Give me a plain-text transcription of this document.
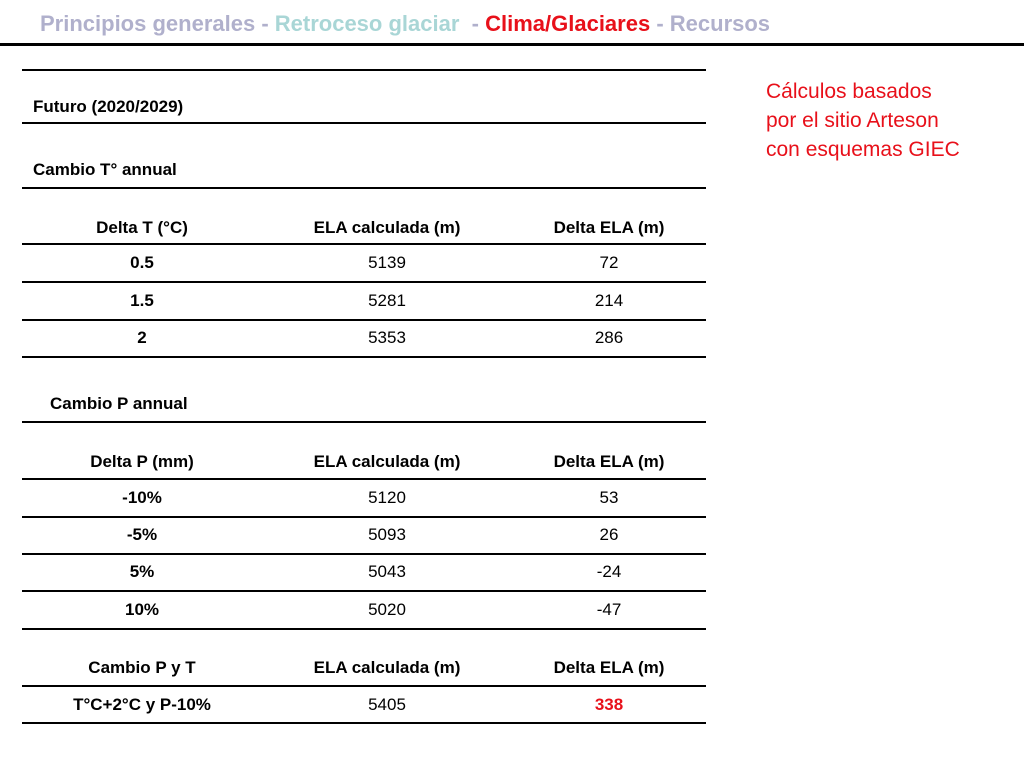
Principios generales - Retroceso glaciar  - Clima/Glaciares - Recursos
Cálculos basados
por el sitio Arteson
con esquemas GIEC
Futuro (2020/2029)
Cambio T° annual
Delta T (°C)	ELA calculada (m)	Delta ELA (m)
0.5	5139	72
1.5	5281	214
2	5353	286
Cambio P annual
Delta P (mm)	ELA calculada (m)	Delta ELA (m)
-10%	5120	53
-5%	5093	26
5%	5043	-24
10%	5020	-47
Cambio P y T	ELA calculada (m)	Delta ELA (m)
T°C+2°C y P-10%	5405	338
